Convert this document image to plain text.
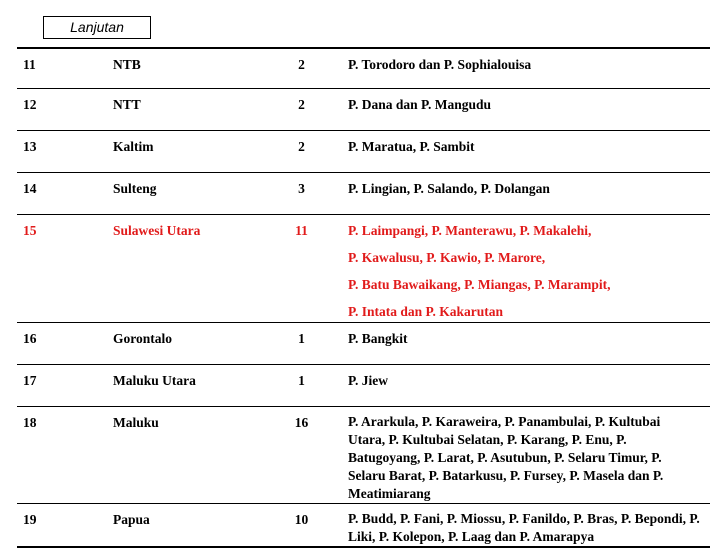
Lanjutan
11	NTB	2	P. Torodoro dan P. Sophialouisa
12	NTT	2	P. Dana dan P. Mangudu
13	Kaltim	2	P. Maratua, P. Sambit
14	Sulteng	3	P. Lingian, P. Salando, P. Dolangan
15	Sulawesi Utara	11	P. Laimpangi, P. Manterawu, P. Makalehi,
P. Kawalusu, P. Kawio, P. Marore,
P. Batu Bawaikang, P. Miangas, P. Marampit,
P. Intata dan P. Kakarutan

16	Gorontalo	1	P. Bangkit
17	Maluku Utara	1	P. Jiew
18	Maluku	16	P. Ararkula, P. Karaweira, P. Panambulai, P. Kultubai Utara, P. Kultubai Selatan, P. Karang, P. Enu, P. Batugoyang, P. Larat, P. Asutubun, P. Selaru Timur, P. Selaru Barat, P. Batarkusu, P. Fursey, P. Masela dan P. Meatimiarang
19	Papua	10	P. Budd, P. Fani, P. Miossu, P. Fanildo, P. Bras, P. Bepondi, P. Liki, P. Kolepon, P. Laag dan P. Amarapya
